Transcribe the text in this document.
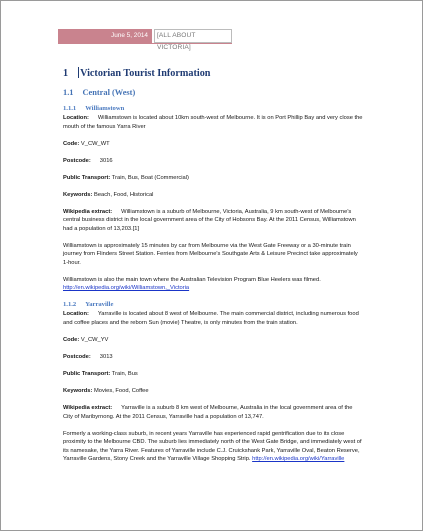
June 5, 2014	[ALL ABOUT VICTORIA]
1 Victorian Tourist Information
1.1 Central (West)
1.1.1 Williamstown

Location: Williamstown is located about 10km south-west of Melbourne. It is on Port Phillip Bay and very close the mouth of the famous Yarra River

Code: V_CW_WT

Postcode: 3016

Public Transport: Train, Bus, Boat (Commercial)

Keywords: Beach, Food, Historical

Wikipedia extract: Williamstown is a suburb of Melbourne, Victoria, Australia, 9 km south-west of Melbourne's central business district in the local government area of the City of Hobsons Bay. At the 2011 Census, Williamstown had a population of 13,203.[1]

Williamstown is approximately 15 minutes by car from Melbourne via the West Gate Freeway or a 30-minute train journey from Flinders Street Station. Ferries from Melbourne's Southgate Arts & Leisure Precinct take approximately 1-hour.

Williamstown is also the main town where the Australian Television Program Blue Heelers was filmed.http://en.wikipedia.org/wiki/Williamstown,_Victoria

1.1.2 Yarraville

Location: Yarraville is located about 8 west of Melbourne. The main commercial district, including numerous food and coffee places and the reborn Sun (movie) Theatre, is only minutes from the train station.

Code: V_CW_YV

Postcode: 3013

Public Transport: Train, Bus

Keywords: Movies, Food, Coffee

Wikipedia extract: Yarraville is a suburb 8 km west of Melbourne, Australia in the local government area of the City of Maribyrnong. At the 2011 Census, Yarraville had a population of 13,747.

Formerly a working-class suburb, in recent years Yarraville has experienced rapid gentrification due to its close proximity to the Melbourne CBD. The suburb lies immediately north of the West Gate Bridge, and immediately west of its namesake, the Yarra River. Features of Yarraville include C.J. Cruickshank Park, Yarraville Oval, Beaton Reserve, Yarraville Gardens, Stony Creek and the Yarraville Village Shopping Strip. http://en.wikipedia.org/wiki/Yarraville
